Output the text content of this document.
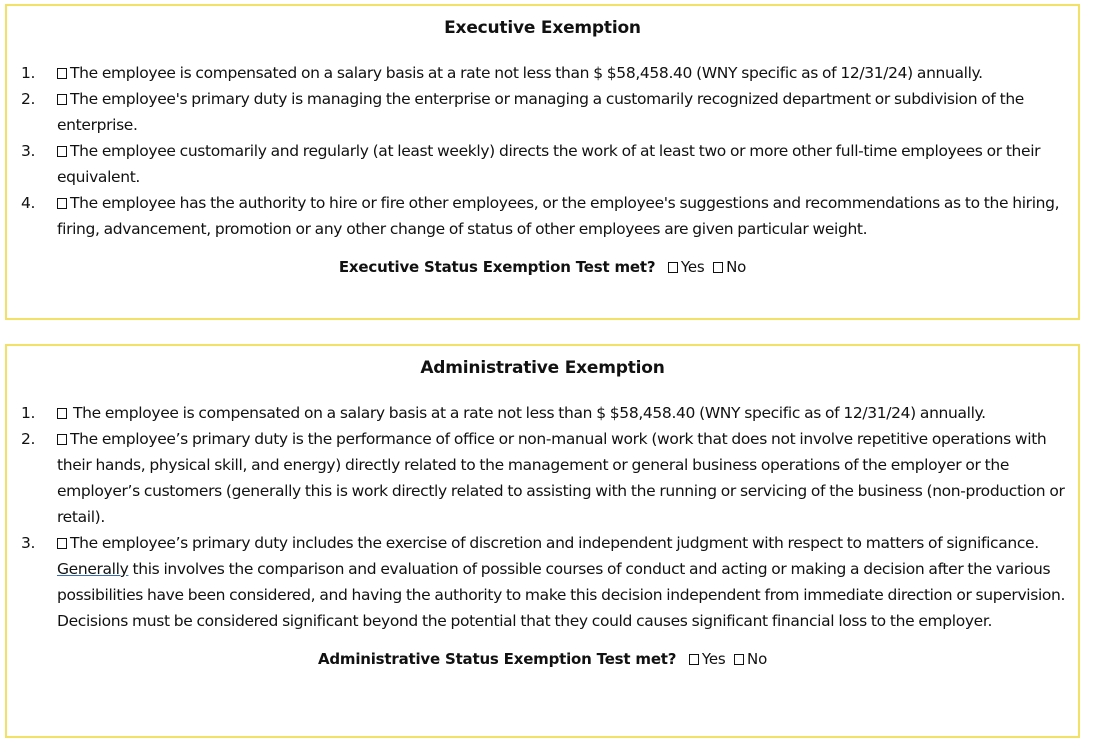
Executive Exemption
1. The employee is compensated on a salary basis at a rate not less than $ $58,458.40 (WNY specific as of 12/31/24) annually.
2. The employee's primary duty is managing the enterprise or managing a customarily recognized department or subdivision of the enterprise.
3. The employee customarily and regularly (at least weekly) directs the work of at least two or more other full-time employees or their equivalent.
4. The employee has the authority to hire or fire other employees, or the employee's suggestions and recommendations as to the hiring, firing, advancement, promotion or any other change of status of other employees are given particular weight.
Executive Status Exemption Test met? Yes No
Administrative Exemption
1. The employee is compensated on a salary basis at a rate not less than $ $58,458.40 (WNY specific as of 12/31/24) annually.
2. The employee’s primary duty is the performance of office or non-manual work (work that does not involve repetitive operations with their hands, physical skill, and energy) directly related to the management or general business operations of the employer or the employer’s customers (generally this is work directly related to assisting with the running or servicing of the business (non-production or retail).
3. The employee’s primary duty includes the exercise of discretion and independent judgment with respect to matters of significance. Generally this involves the comparison and evaluation of possible courses of conduct and acting or making a decision after the various possibilities have been considered, and having the authority to make this decision independent from immediate direction or supervision. Decisions must be considered significant beyond the potential that they could causes significant financial loss to the employer.
Administrative Status Exemption Test met? Yes No
